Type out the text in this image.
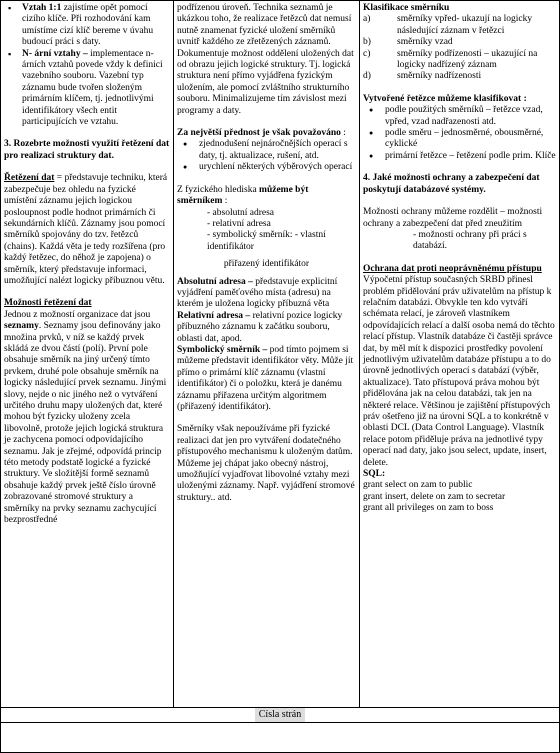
▪ Vztah 1:1 zajistíme opět pomocí cizího klíče. Při rozhodování kam umístíme cizí klíč bereme v úvahu budoucí práci s daty.

▪ N- ární vztahy – implementace n-árních vztahů povede vždy k definici vazebního souboru. Vazební typ záznamu bude tvořen složeným primárním klíčem, tj. jednotlivými identifikátory všech entit participujících ve vztahu.

3. Rozebrte možnosti využití řetězení dat pro realizaci struktury dat.

Řetězení dat = představuje techniku, která zabezpečuje bez ohledu na fyzické umístění záznamu jejich logickou posloupnost podle hodnot primárních či sekundárních klíčů. Záznamy jsou pomocí směrníků spojovány do tzv. řetězců (chains). Každá věta je tedy rozšířena (pro každý řetězec, do něhož je zapojena) o směrník, který představuje informaci, umožňující nalézt logicky příbuznou větu.

Možnosti řetězení dat

Jednou z možností organizace dat jsou seznamy. Seznamy jsou definovány jako množina prvků, v níž se každý prvek skládá ze dvou částí (polí). První pole obsahuje směrník na jiný určený tímto prvkem, druhé pole obsahuje směrník na logicky následující prvek seznamu. Jinými slovy, nejde o nic jiného než o vytváření určitého druhu mapy uložených dat, které mohou být fyzicky uloženy zcela libovolně, protože jejich logická struktura je zachycena pomocí odpovídajícího seznamu. Jak je zřejmé, odpovídá princip této metody podstatě logické a fyzické struktury. Ve složitější formě seznamů obsahuje každý prvek ještě číslo úrovně zobrazované stromové struktury a směrníky na prvky seznamu zachycující bezprostředné

podřízenou úroveň. Technika seznamů je ukázkou toho, že realizace řetězců dat nemusí nutně znamenat fyzické uložení směrníků uvnitř každého ze zřetězených záznamů. Dokumentuje možnost oddělení uložených dat od obrazu jejich logické struktury. Tj. logická struktura není přímo vyjádřena fyzickým uložením, ale pomocí zvláštního strukturního souboru. Minimalizujeme tím závislost mezi programy a daty.

Za největší přednost je však považováno :

● zjednodušení nejnáročnějších operací s daty, tj. aktualizace, rušení, atd.

● urychlení některých výběrových operací

Z fyzického hlediska můžeme být směrníkem :

- absolutní adresa

- relativní adresa

- symbolický směrník: - vlastní identifikátor

přiřazený identifikátor

Absolutní adresa – představuje explicitní vyjádření paměťového místa (adresu) na kterém je uložena logicky příbuzná věta

Relativní adresa – relativní pozice logicky příbuzného záznamu k začátku souboru, oblasti dat, apod.

Symbolický směrník – pod tímto pojmem si můžeme představit identifikátor věty. Může jít přímo o primární klíč záznamu (vlastní identifikátor) či o položku, která je danému záznamu přiřazena určitým algoritmem (přiřazený identifikátor).

Směrníky však nepoužíváme při fyzické realizaci dat jen pro vytváření dodatečného přístupového mechanismu k uloženým datům. Můžeme jej chápat jako obecný nástroj, umožňující vyjadřovat libovolné vztahy mezi uloženými záznamy. Např. vyjádření stromové struktury.. atd.

Klasifikace směrníku

a)	směrníky vpřed- ukazují na logicky následující záznam v řetězci
b)	směrníky vzad
c)	směrníky podřízenosti – ukazující na logicky nadřízený záznam
d)	směrníky nadřízenosti

Vytvořené řetězce můžeme klasifikovat :

● podle použitých směrníků – řetězce vzad, vpřed, vzad nadřazenosti atd.

● podle směru – jednosměrné, obousměrné, cyklické

● primární řetězce – řetězení podle prim. Klíče

4. Jaké možnosti ochrany a zabezpečení dat poskytují databázové systémy.

Možnosti ochrany můžeme rozdělit – možnosti ochrany a zabezpečení dat před zneužitím

- možnosti ochrany při práci s databází.

Ochrana dat proti neoprávněnému přístupu

Výpočetní přístup současných SRBD přinesl problém přidělování práv uživatelům na přístup k relačním databázi. Obvykle ten kdo vytváří schémata relací, je zároveň vlastníkem odpovídajících relací a další osoba nemá do těchto relací přístup. Vlastník databáze či častěji správce dat, by měl mít k dispozici prostředky povolení jednotlivým uživatelům databáze přístupu a to do úrovně jednotlivých operací s databází (výběr, aktualizace). Tato přístupová práva mohou být přidělována jak na celou databázi, tak jen na některé relace. Většinou je zajištění přístupových práv ošetřeno již na úrovni SQL a to konkrétně v oblasti DCL (Data Control Language). Vlastník relace potom přiděluje práva na jednotlivé typy operací nad daty, jako jsou select, update, insert, delete.

SQL:

grant select on zam to public

grant insert, delete on zam to secretar

grant all privileges on zam to boss

Císla strán
